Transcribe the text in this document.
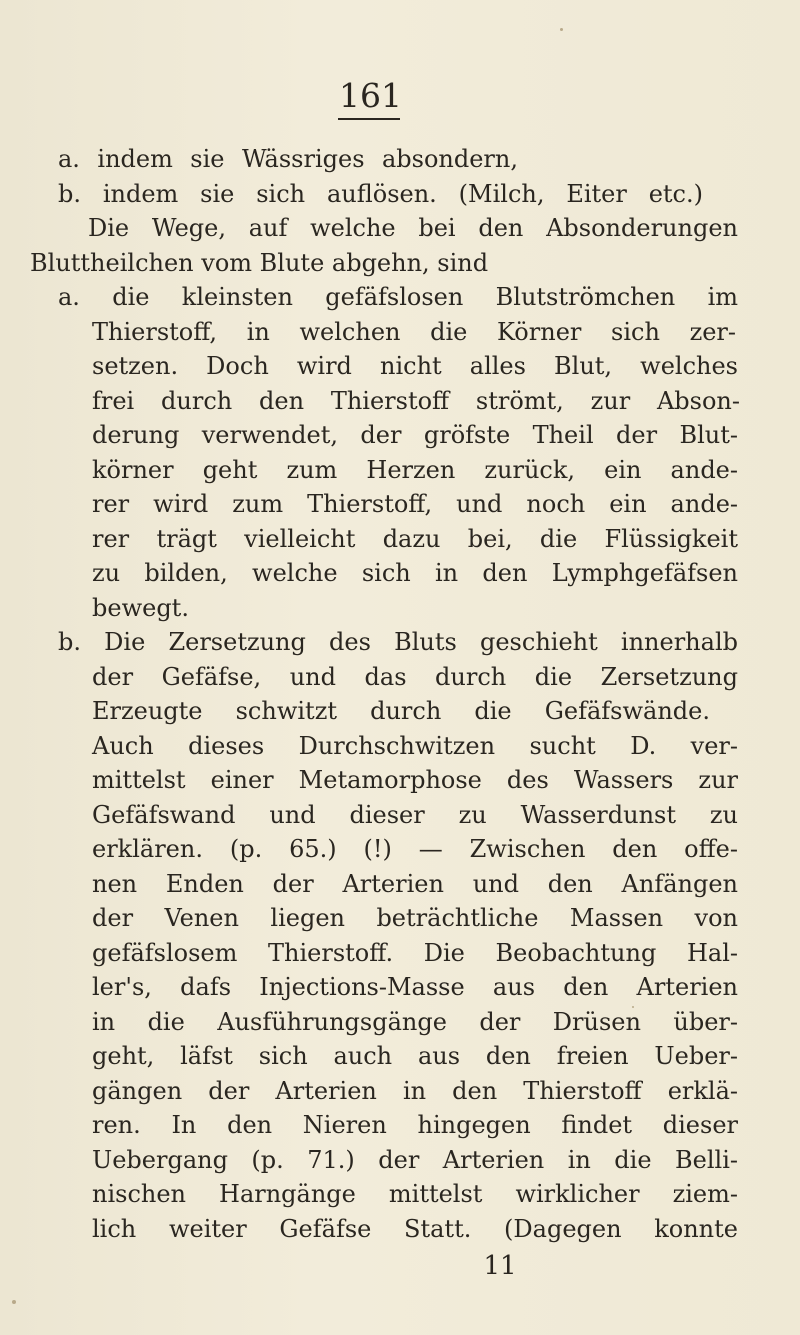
161
a. indem sie Wässriges absondern,
b. indem sie sich auflösen. (Milch, Eiter etc.)
Die Wege, auf welche bei den Absonderungen
Bluttheilchen vom Blute abgehn, sind
a. die kleinsten gefäfslosen Blutströmchen im
Thierstoff, in welchen die Körner sich zer-
setzen. Doch wird nicht alles Blut, welches
frei durch den Thierstoff strömt, zur Abson-
derung verwendet, der gröfste Theil der Blut-
körner geht zum Herzen zurück, ein ande-
rer wird zum Thierstoff, und noch ein ande-
rer trägt vielleicht dazu bei, die Flüssigkeit
zu bilden, welche sich in den Lymphgefäfsen
bewegt.
b. Die Zersetzung des Bluts geschieht innerhalb
der Gefäfse, und das durch die Zersetzung
Erzeugte schwitzt durch die Gefäfswände.
Auch dieses Durchschwitzen sucht D. ver-
mittelst einer Metamorphose des Wassers zur
Gefäfswand und dieser zu Wasserdunst zu
erklären. (p. 65.) (!) — Zwischen den offe-
nen Enden der Arterien und den Anfängen
der Venen liegen beträchtliche Massen von
gefäfslosem Thierstoff. Die Beobachtung Hal-
ler's, dafs Injections-Masse aus den Arterien
in die Ausführungsgänge der Drüsen über-
geht, läfst sich auch aus den freien Ueber-
gängen der Arterien in den Thierstoff erklä-
ren. In den Nieren hingegen findet dieser
Uebergang (p. 71.) der Arterien in die Belli-
nischen Harngänge mittelst wirklicher ziem-
lich weiter Gefäfse Statt. (Dagegen konnte
11
